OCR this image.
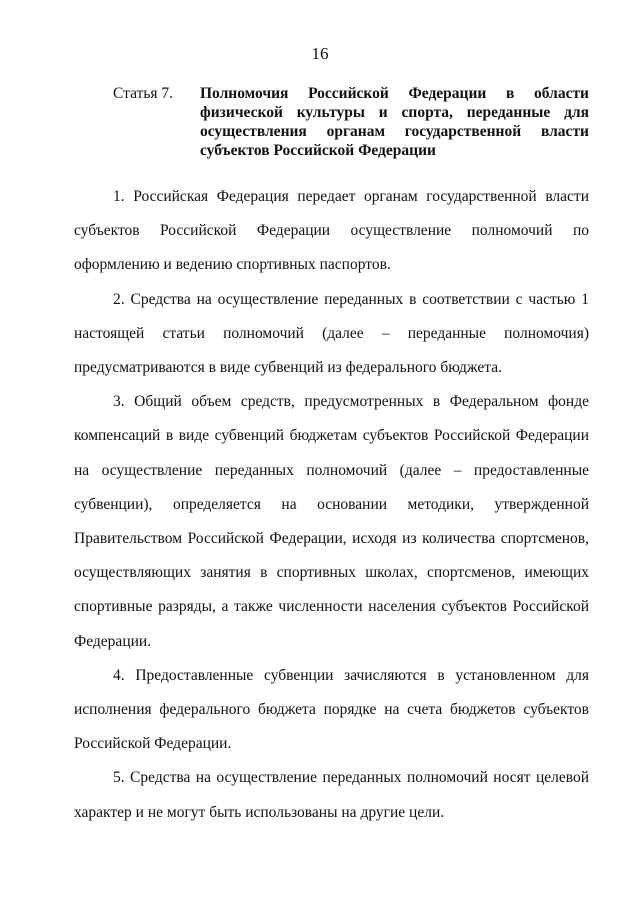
16
Статья 7.	Полномочия Российской Федерации в области
физической культуры и спорта, переданные для
осуществления органам государственной власти
субъектов Российской Федерации

1. Российская Федерация передает органам государственной власти субъектов Российской Федерации осуществление полномочий по оформлению и ведению спортивных паспортов.

2. Средства на осуществление переданных в соответствии с частью 1 настоящей статьи полномочий (далее – переданные полномочия) предусматриваются в виде субвенций из федерального бюджета.

3. Общий объем средств, предусмотренных в Федеральном фонде компенсаций в виде субвенций бюджетам субъектов Российской Федерации на осуществление переданных полномочий (далее – предоставленные субвенции), определяется на основании методики, утвержденной Правительством Российской Федерации, исходя из количества спортсменов, осуществляющих занятия в спортивных школах, спортсменов, имеющих спортивные разряды, а также численности населения субъектов Российской Федерации.

4. Предоставленные субвенции зачисляются в установленном для исполнения федерального бюджета порядке на счета бюджетов субъектов Российской Федерации.

5. Средства на осуществление переданных полномочий носят целевой характер и не могут быть использованы на другие цели.
